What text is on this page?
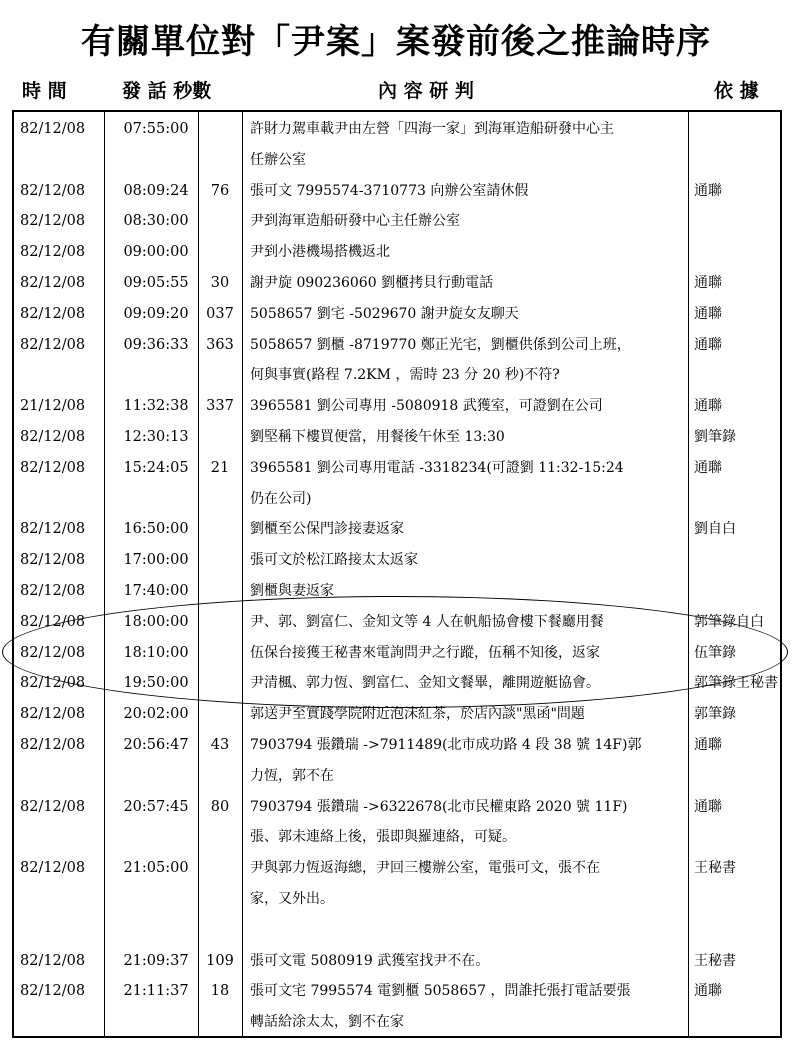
有關單位對「尹案」案發前後之推論時序
時 間	發 話 秒數	內 容 研 判	依 據
82/12/08	07:55:00	許財力駕車載尹由左營「四海一家」到海軍造船研發中心主
任辦公室
82/12/08	08:09:24	76	張可文 7995574-3710773 向辦公室請休假	通聯
82/12/08	08:30:00	尹到海軍造船研發中心主任辦公室
82/12/08	09:00:00	尹到小港機場搭機返北
82/12/08	09:05:55	30	謝尹旋 090236060 劉櫃拷貝行動電話	通聯
82/12/08	09:09:20	037	5058657 劉宅 -5029670 謝尹旋女友聊天	通聯
82/12/08	09:36:33	363	5058657 劉櫃 -8719770 鄭正光宅，劉櫃供係到公司上班，	通聯
何與事實(路程 7.2KM ，需時 23 分 20 秒)不符?
21/12/08	11:32:38	337	3965581 劉公司專用 -5080918 武獲室，可證劉在公司	通聯
82/12/08	12:30:13	劉堅稱下樓買便當，用餐後午休至 13:30	劉筆錄
82/12/08	15:24:05	21	3965581 劉公司專用電話 -3318234(可證劉 11:32-15:24	通聯
仍在公司)
82/12/08	16:50:00	劉櫃至公保門診接妻返家	劉自白
82/12/08	17:00:00	張可文於松江路接太太返家
82/12/08	17:40:00	劉櫃與妻返家
82/12/08	18:00:00	尹、郭、劉富仁、金知文等 4 人在帆船協會樓下餐廳用餐	郭筆錄自白
82/12/08	18:10:00	伍保台接獲王秘書來電詢問尹之行蹤，伍稱不知後，返家	伍筆錄
82/12/08	19:50:00	尹清楓、郭力恆、劉富仁、金知文餐畢，離開遊艇協會。	郭筆錄王秘書
82/12/08	20:02:00	郭送尹至實踐學院附近泡沫紅茶，於店內談"黑函"問題	郭筆錄
82/12/08	20:56:47	43	7903794 張鑽瑞 ->7911489(北市成功路 4 段 38 號 14F)郭	通聯
力恆，郭不在
82/12/08	20:57:45	80	7903794 張鑽瑞 ->6322678(北市民權東路 2020 號 11F)	通聯
張、郭未連絡上後，張即與羅連絡，可疑。
82/12/08	21:05:00	尹與郭力恆返海總，尹回三樓辦公室，電張可文，張不在	王秘書
家，又外出。
82/12/08	21:09:37	109	張可文電 5080919 武獲室找尹不在。	王秘書
82/12/08	21:11:37	18	張可文宅 7995574 電劉櫃 5058657 ，問誰托張打電話要張	通聯
轉話給涂太太，劉不在家
